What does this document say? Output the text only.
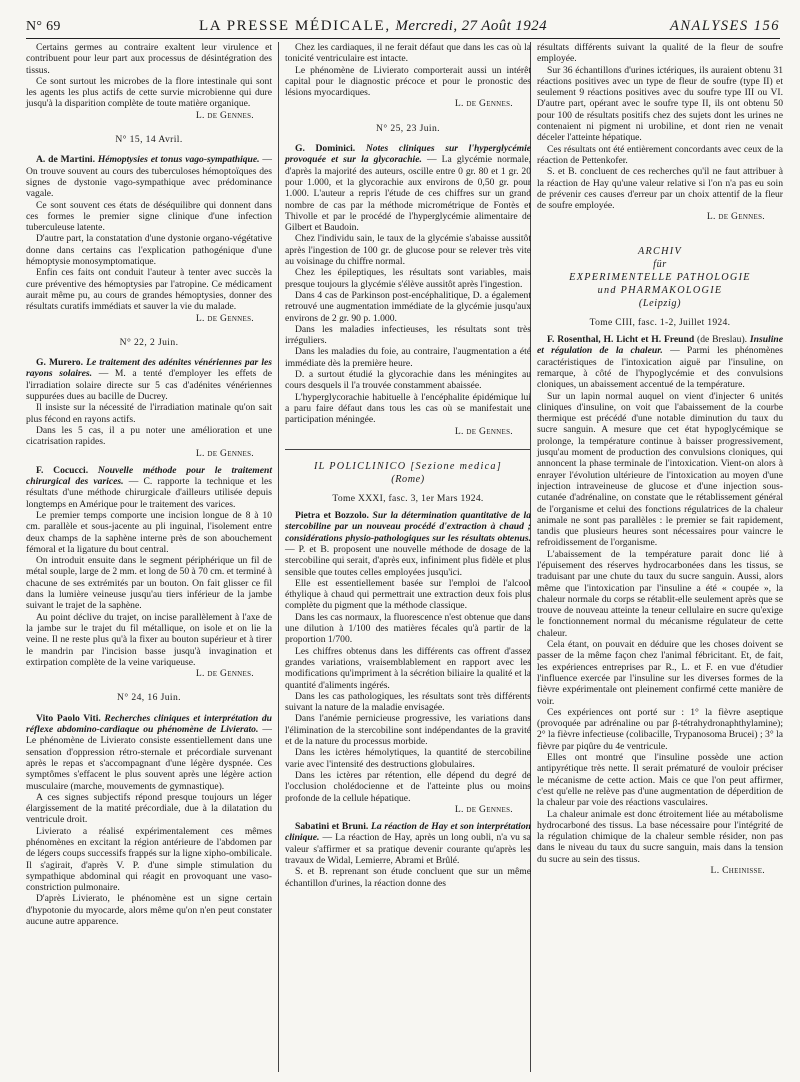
N° 69	LA PRESSE MÉDICALE, Mercredi, 27 Août 1924	ANALYSES 156

Certains germes au contraire exaltent leur virulence et contribuent pour leur part aux processus de désintégration des tissus.

Ce sont surtout les microbes de la flore intestinale qui sont les agents les plus actifs de cette survie microbienne qui dure jusqu'à la disparition complète de toute matière organique.

L. de Gennes.

N° 15, 14 Avril.

A. de Martini. Hémoptysies et tonus vago-sympathique. — On trouve souvent au cours des tuberculoses hémoptoïques des signes de dystonie vago-sympathique avec prédominance vagale.

Ce sont souvent ces états de déséquilibre qui donnent dans ces formes le premier signe clinique d'une infection tuberculeuse latente.

D'autre part, la constatation d'une dystonie organo-végétative donne dans certains cas l'explication pathogénique d'une hémoptysie monosymptomatique.

Enfin ces faits ont conduit l'auteur à tenter avec succès la cure préventive des hémoptysies par l'atropine. Ce médicament aurait même pu, au cours de grandes hémoptysies, donner des résultats curatifs immédiats et sauver la vie du malade.

L. de Gennes.

N° 22, 2 Juin.

G. Murero. Le traitement des adénites vénériennes par les rayons solaires. — M. a tenté d'employer les effets de l'irradiation solaire directe sur 5 cas d'adénites vénériennes suppurées dues au bacille de Ducrey.

Il insiste sur la nécessité de l'irradiation matinale qu'on sait plus fécond en rayons actifs.

Dans les 5 cas, il a pu noter une amélioration et une cicatrisation rapides.

L. de Gennes.

F. Cocucci. Nouvelle méthode pour le traitement chirurgical des varices. — C. rapporte la technique et les résultats d'une méthode chirurgicale d'ailleurs utilisée depuis longtemps en Amérique pour le traitement des varices.

Le premier temps comporte une incision longue de 8 à 10 cm. parallèle et sous-jacente au pli inguinal, l'isolement entre deux champs de la saphène interne près de son abouchement fémoral et la ligature du bout central.

On introduit ensuite dans le segment périphérique un fil de métal souple, large de 2 mm. et long de 50 à 70 cm. et terminé à chacune de ses extrémités par un bouton. On fait glisser ce fil dans la lumière veineuse jusqu'au tiers inférieur de la jambe suivant le trajet de la saphène.

Au point déclive du trajet, on incise parallèlement à l'axe de la jambe sur le trajet du fil métallique, on isole et on lie la veine. Il ne reste plus qu'à la fixer au bouton supérieur et à tirer le mandrin par l'incision basse jusqu'à invagination et extirpation complète de la veine variqueuse.

L. de Gennes.

N° 24, 16 Juin.

Vito Paolo Viti. Recherches cliniques et interprétation du réflexe abdomino-cardiaque ou phénomène de Livierato. — Le phénomène de Livierato consiste essentiellement dans une sensation d'oppression rétro-sternale et précordiale survenant après le repas et s'accompagnant d'une légère dyspnée. Ces symptômes s'effacent le plus souvent après une légère action musculaire (marche, mouvements de gymnastique).

A ces signes subjectifs répond presque toujours un léger élargissement de la matité précordiale, due à la dilatation du ventricule droit.

Livierato a réalisé expérimentalement ces mêmes phénomènes en excitant la région antérieure de l'abdomen par de légers coups successifs frappés sur la ligne xipho-ombilicale. Il s'agirait, d'après V. P. d'une simple stimulation du sympathique abdominal qui réagit en provoquant une vaso-constriction pulmonaire.

D'après Livierato, le phénomène est un signe certain d'hypotonie du myocarde, alors même qu'on n'en peut constater aucune autre apparence.

Chez les cardiaques, il ne ferait défaut que dans les cas où la tonicité ventriculaire est intacte.

Le phénomène de Livierato comporterait aussi un intérêt capital pour le diagnostic précoce et pour le pronostic des lésions myocardiques.

L. de Gennes.

N° 25, 23 Juin.

G. Dominici. Notes cliniques sur l'hyperglycémie provoquée et sur la glycorachie. — La glycémie normale, d'après la majorité des auteurs, oscille entre 0 gr. 80 et 1 gr. 20 pour 1.000, et la glycorachie aux environs de 0,50 gr. pour 1.000. L'auteur a repris l'étude de ces chiffres sur un grand nombre de cas par la méthode micrométrique de Fontès et Thivolle et par le procédé de l'hyperglycémie alimentaire de Gilbert et Baudoin.

Chez l'individu sain, le taux de la glycémie s'abaisse aussitôt après l'ingestion de 100 gr. de glucose pour se relever très vite au voisinage du chiffre normal.

Chez les épileptiques, les résultats sont variables, mais presque toujours la glycémie s'élève aussitôt après l'ingestion.

Dans 4 cas de Parkinson post-encéphalitique, D. a également retrouvé une augmentation immédiate de la glycémie jusqu'aux environs de 2 gr. 90 p. 1.000.

Dans les maladies infectieuses, les résultats sont très irréguliers.

Dans les maladies du foie, au contraire, l'augmentation a été immédiate dès la première heure.

D. a surtout étudié la glycorachie dans les méningites au cours desquels il l'a trouvée constamment abaissée.

L'hyperglycorachie habituelle à l'encéphalite épidémique lui a paru faire défaut dans tous les cas où se manifestait une participation méningée.

L. de Gennes.

IL POLICLINICO [Sezione medica]

(Rome)

Tome XXXI, fasc. 3, 1er Mars 1924.

Pietra et Bozzolo. Sur la détermination quantitative de la stercobiline par un nouveau procédé d'extraction à chaud ; considérations physio-pathologiques sur les résultats obtenus. — P. et B. proposent une nouvelle méthode de dosage de la stercobiline qui serait, d'après eux, infiniment plus fidèle et plus sensible que toutes celles employées jusqu'ici.

Elle est essentiellement basée sur l'emploi de l'alcool éthylique à chaud qui permettrait une extraction deux fois plus complète du pigment que la méthode classique.

Dans les cas normaux, la fluorescence n'est obtenue que dans une dilution à 1/100 des matières fécales qu'à partir de la proportion 1/700.

Les chiffres obtenus dans les différents cas offrent d'assez grandes variations, vraisemblablement en rapport avec les modifications qu'impriment à la sécrétion biliaire la qualité et la quantité d'aliments ingérés.

Dans les cas pathologiques, les résultats sont très différents suivant la nature de la maladie envisagée.

Dans l'anémie pernicieuse progressive, les variations dans l'élimination de la stercobiline sont indépendantes de la gravité et de la nature du processus morbide.

Dans les ictères hémolytiques, la quantité de stercobiline varie avec l'intensité des destructions globulaires.

Dans les ictères par rétention, elle dépend du degré de l'occlusion cholédocienne et de l'atteinte plus ou moins profonde de la cellule hépatique.

L. de Gennes.

Sabatini et Bruni. La réaction de Hay et son interprétation clinique. — La réaction de Hay, après un long oubli, n'a vu sa valeur s'affirmer et sa pratique devenir courante qu'après les travaux de Widal, Lemierre, Abrami et Brûlé.

S. et B. reprenant son étude concluent que sur un même échantillon d'urines, la réaction donne des

résultats différents suivant la qualité de la fleur de soufre employée.

Sur 36 échantillons d'urines ictériques, ils auraient obtenu 31 réactions positives avec un type de fleur de soufre (type II) et seulement 9 réactions positives avec du soufre type III ou VI. D'autre part, opérant avec le soufre type II, ils ont obtenu 50 pour 100 de résultats positifs chez des sujets dont les urines ne contenaient ni pigment ni urobiline, et dont rien ne venait déceler l'atteinte hépatique.

Ces résultats ont été entièrement concordants avec ceux de la réaction de Pettenkofer.

S. et B. concluent de ces recherches qu'il ne faut attribuer à la réaction de Hay qu'une valeur relative si l'on n'a pas eu soin de prévenir ces causes d'erreur par un choix attentif de la fleur de soufre employée.

L. de Gennes.

ARCHIV

für

EXPERIMENTELLE PATHOLOGIE

und PHARMAKOLOGIE

(Leipzig)

Tome CIII, fasc. 1-2, Juillet 1924.

F. Rosenthal, H. Licht et H. Freund (de Breslau). Insuline et régulation de la chaleur. — Parmi les phénomènes caractéristiques de l'intoxication aiguë par l'insuline, on remarque, à côté de l'hypoglycémie et des convulsions cloniques, un abaissement accentué de la température.

Sur un lapin normal auquel on vient d'injecter 6 unités cliniques d'insuline, on voit que l'abaissement de la courbe thermique est précédé d'une notable diminution du taux du sucre sanguin. A mesure que cet état hypoglycémique se prolonge, la température continue à baisser progressivement, jusqu'au moment de production des convulsions cloniques, qui annoncent la phase terminale de l'intoxication. Vient-on alors à enrayer l'évolution ultérieure de l'intoxication au moyen d'une injection intraveineuse de glucose et d'une injection sous-cutanée d'adrénaline, on constate que le rétablissement général de l'organisme et celui des fonctions régulatrices de la chaleur animale ne sont pas parallèles : le premier se fait rapidement, tandis que plusieurs heures sont nécessaires pour vaincre le refroidissement de l'organisme.

L'abaissement de la température parait donc lié à l'épuisement des réserves hydrocarbonées dans les tissus, se traduisant par une chute du taux du sucre sanguin. Aussi, alors même que l'intoxication par l'insuline a été « coupée », la chaleur normale du corps se rétablit-elle seulement après que se trouve de nouveau atteinte la teneur cellulaire en sucre qu'exige le fonctionnement normal du mécanisme régulateur de cette chaleur.

Cela étant, on pouvait en déduire que les choses doivent se passer de la même façon chez l'animal fébricitant. Et, de fait, les expériences entreprises par R., L. et F. en vue d'étudier l'influence exercée par l'insuline sur les diverses formes de la fièvre expérimentale ont pleinement confirmé cette manière de voir.

Ces expériences ont porté sur : 1° la fièvre aseptique (provoquée par adrénaline ou par β-tétrahydronaphthylamine); 2° la fièvre infectieuse (colibacille, Trypanosoma Brucei) ; 3° la fièvre par piqûre du 4e ventricule.

Elles ont montré que l'insuline possède une action antipyrétique très nette. Il serait prématuré de vouloir préciser le mécanisme de cette action. Mais ce que l'on peut affirmer, c'est qu'elle ne relève pas d'une augmentation de déperdition de la chaleur par voie des réactions vasculaires.

La chaleur animale est donc étroitement liée au métabolisme hydrocarboné des tissus. La base nécessaire pour l'intégrité de la régulation chimique de la chaleur semble résider, non pas dans le niveau du taux du sucre sanguin, mais dans la tension du sucre au sein des tissus.

L. Cheinisse.
